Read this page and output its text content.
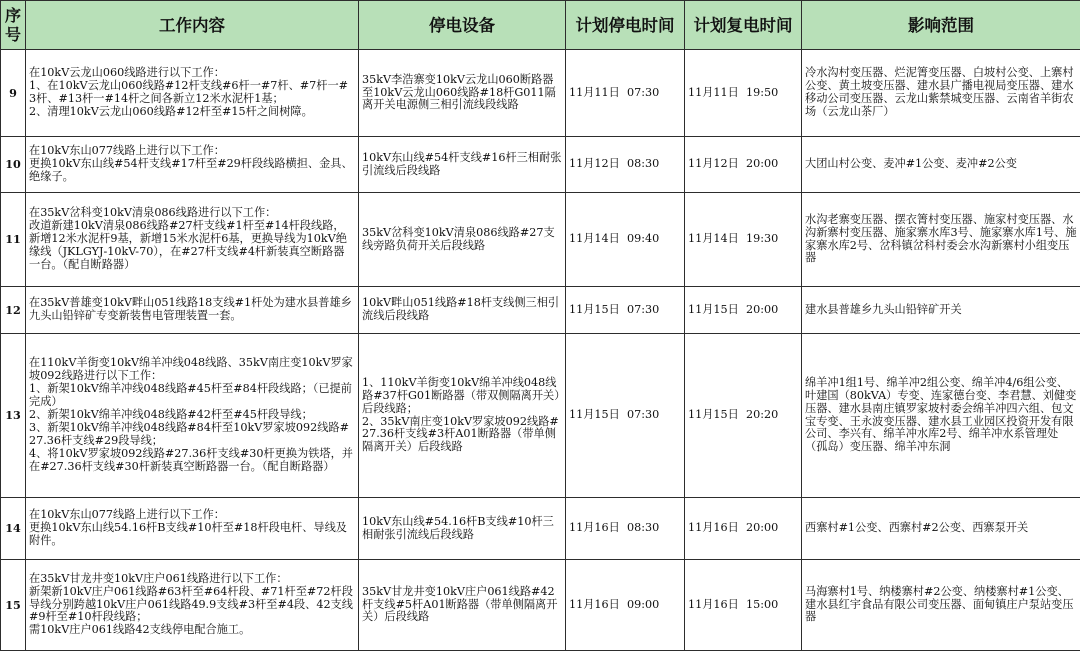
序号	工作内容	停电设备	计划停电时间	计划复电时间	影响范围
9	在10kV云龙山060线路进行以下工作：
1、在10kV云龙山060线路#12杆支线#6杆一#7杆、#7杆一#3杆、#13杆一#14杆之间各新立12米水泥杆1基；
2、清理10kV云龙山060线路#12杆至#15杆之间树障。	35kV李浩寨变10kV云龙山060断路器至10kV云龙山060线路#18杆G011隔离开关电源侧三相引流线段线路	11月11日  07:30	11月11日  19:50	冷水沟村变压器、烂泥箐变压器、白坡村公变、上寨村公变、黄土坡变压器、建水县广播电视局变压器、建水移动公司变压器、云龙山紫禁城变压器、云南省羊街农场（云龙山茶厂）
10	在10kV东山077线路上进行以下工作：
更换10kV东山线#54杆支线#17杆至#29杆段线路横担、金具、绝缘子。	10kV东山线#54杆支线#16杆三相耐张引流线后段线路	11月12日  08:30	11月12日  20:00	大团山村公变、麦冲#1公变、麦冲#2公变
11	在35kV岔科变10kV清泉086线路进行以下工作：
改道新建10kV清泉086线路#27杆支线#1杆至#14杆段线路，新增12米水泥杆9基，新增15米水泥杆6基，更换导线为10kV绝缘线（JKLGYJ-10kV-70），在#27杆支线#4杆新装真空断路器一台。（配自断路器）	35kV岔科变10kV清泉086线路#27支线旁路负荷开关后段线路	11月14日  09:40	11月14日  19:30	水沟老寨变压器、摆衣箐村变压器、施家村变压器、水沟新寨村变压器、施家寨水库3号、施家寨水库1号、施家寨水库2号、岔科镇岔科村委会水沟新寨村小组变压器
12	在35kV普雄变10kV畔山051线路18支线#1杆处为建水县普雄乡九头山铅锌矿专变新装售电管理装置一套。	10kV畔山051线路#18杆支线侧三相引流线后段线路	11月15日  07:30	11月15日  20:00	建水县普雄乡九头山铅锌矿开关
13	在110kV羊街变10kV绵羊冲线048线路、35kV南庄变10kV罗家坡092线路进行以下工作：
1、新架10kV绵羊冲线048线路#45杆至#84杆段线路；（已提前完成）
2、新架10kV绵羊冲线048线路#42杆至#45杆段导线；
3、新架10kV绵羊冲线048线路#84杆至10kV罗家坡092线路#27.36杆支线#29段导线；
4、将10kV罗家坡092线路#27.36杆支线#30杆更换为铁塔，并在#27.36杆支线#30杆新装真空断路器一台。（配自断路器）	1、110kV羊街变10kV绵羊冲线048线路#37杆G01断路器（带双侧隔离开关）后段线路；
2、35kV南庄变10kV罗家坡092线路#27.36杆支线#3杆A01断路器（带单侧隔离开关）后段线路	11月15日  07:30	11月15日  20:20	绵羊冲1组1号、绵羊冲2组公变、绵羊冲4/6组公变、叶建国（80kVA）专变、连家德台变、李君慧、刘健变压器、建水县南庄镇罗家坡村委会绵羊冲四六组、包文宝专变、王永波变压器、建水县工业园区投资开发有限公司、李兴有、绵羊冲水库2号、绵羊冲水系管理处（孤岛）变压器、绵羊冲东洞
14	在10kV东山077线路上进行以下工作：
更换10kV东山线54.16杆B支线#10杆至#18杆段电杆、导线及附件。	10kV东山线#54.16杆B支线#10杆三相耐张引流线后段线路	11月16日  08:30	11月16日  20:00	西寨村#1公变、西寨村#2公变、西寨泵开关
15	在35kV甘龙井变10kV庄户061线路进行以下工作：
新架新10kV庄户061线路#63杆至#64杆段、#71杆至#72杆段导线分别跨越10kV庄户061线路49.9支线#3杆至#4段、42支线#9杆至#10杆段线路；
需10kV庄户061线路42支线停电配合施工。	35kV甘龙井变10kV庄户061线路#42杆支线#5杆A01断路器（带单侧隔离开关）后段线路	11月16日  09:00	11月16日  15:00	马海寨村1号、纳楼寨村#2公变、纳楼寨村#1公变、建水县红宇食品有限公司变压器、面甸镇庄户泵站变压器
